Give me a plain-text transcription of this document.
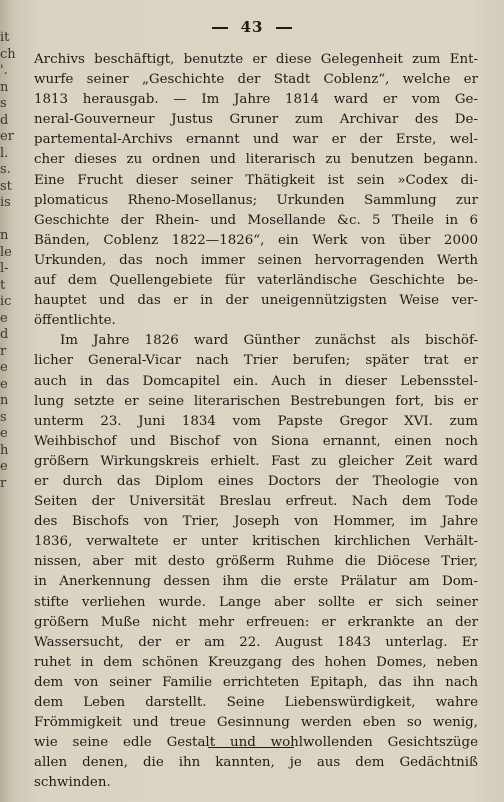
it
ch
'.
n
s
d
er
l.
s.
st
is
n
le
l-
t
ic
e
d
r
e
e
n
s
e
h
e
r
43

Archivs beschäftigt, benutzte er diese Gelegenheit zum Ent-
wurfe seiner „Geschichte der Stadt Coblenz“, welche er
1813 herausgab. — Im Jahre 1814 ward er vom Ge-
neral-Gouverneur Justus Gruner zum Archivar des De-
partemental-Archivs ernannt und war er der Erste, wel-
cher dieses zu ordnen und literarisch zu benutzen begann.
Eine Frucht dieser seiner Thätigkeit ist sein »Codex di-
plomaticus Rheno-Mosellanus; Urkunden Sammlung zur
Geschichte der Rhein- und Mosellande &c. 5 Theile in 6
Bänden, Coblenz 1822—1826“, ein Werk von über 2000
Urkunden, das noch immer seinen hervorragenden Werth
auf dem Quellengebiete für vaterländische Geschichte be-
hauptet und das er in der uneigennützigsten Weise ver-
öffentlichte.

Im Jahre 1826 ward Günther zunächst als bischöf-
licher General-Vicar nach Trier berufen; später trat er
auch in das Domcapitel ein. Auch in dieser Lebensstel-
lung setzte er seine literarischen Bestrebungen fort, bis er
unterm 23. Juni 1834 vom Papste Gregor XVI. zum
Weihbischof und Bischof von Siona ernannt, einen noch
größern Wirkungskreis erhielt. Fast zu gleicher Zeit ward
er durch das Diplom eines Doctors der Theologie von
Seiten der Universität Breslau erfreut. Nach dem Tode
des Bischofs von Trier, Joseph von Hommer, im Jahre
1836, verwaltete er unter kritischen kirchlichen Verhält-
nissen, aber mit desto größerm Ruhme die Diöcese Trier,
in Anerkennung dessen ihm die erste Prälatur am Dom-
stifte verliehen wurde. Lange aber sollte er sich seiner
größern Muße nicht mehr erfreuen: er erkrankte an der
Wassersucht, der er am 22. August 1843 unterlag. Er
ruhet in dem schönen Kreuzgang des hohen Domes, neben
dem von seiner Familie errichteten Epitaph, das ihn nach
dem Leben darstellt. Seine Liebenswürdigkeit, wahre
Frömmigkeit und treue Gesinnung werden eben so wenig,
wie seine edle Gestalt und wohlwollenden Gesichtszüge
allen denen, die ihn kannten, je aus dem Gedächtniß
schwinden.
